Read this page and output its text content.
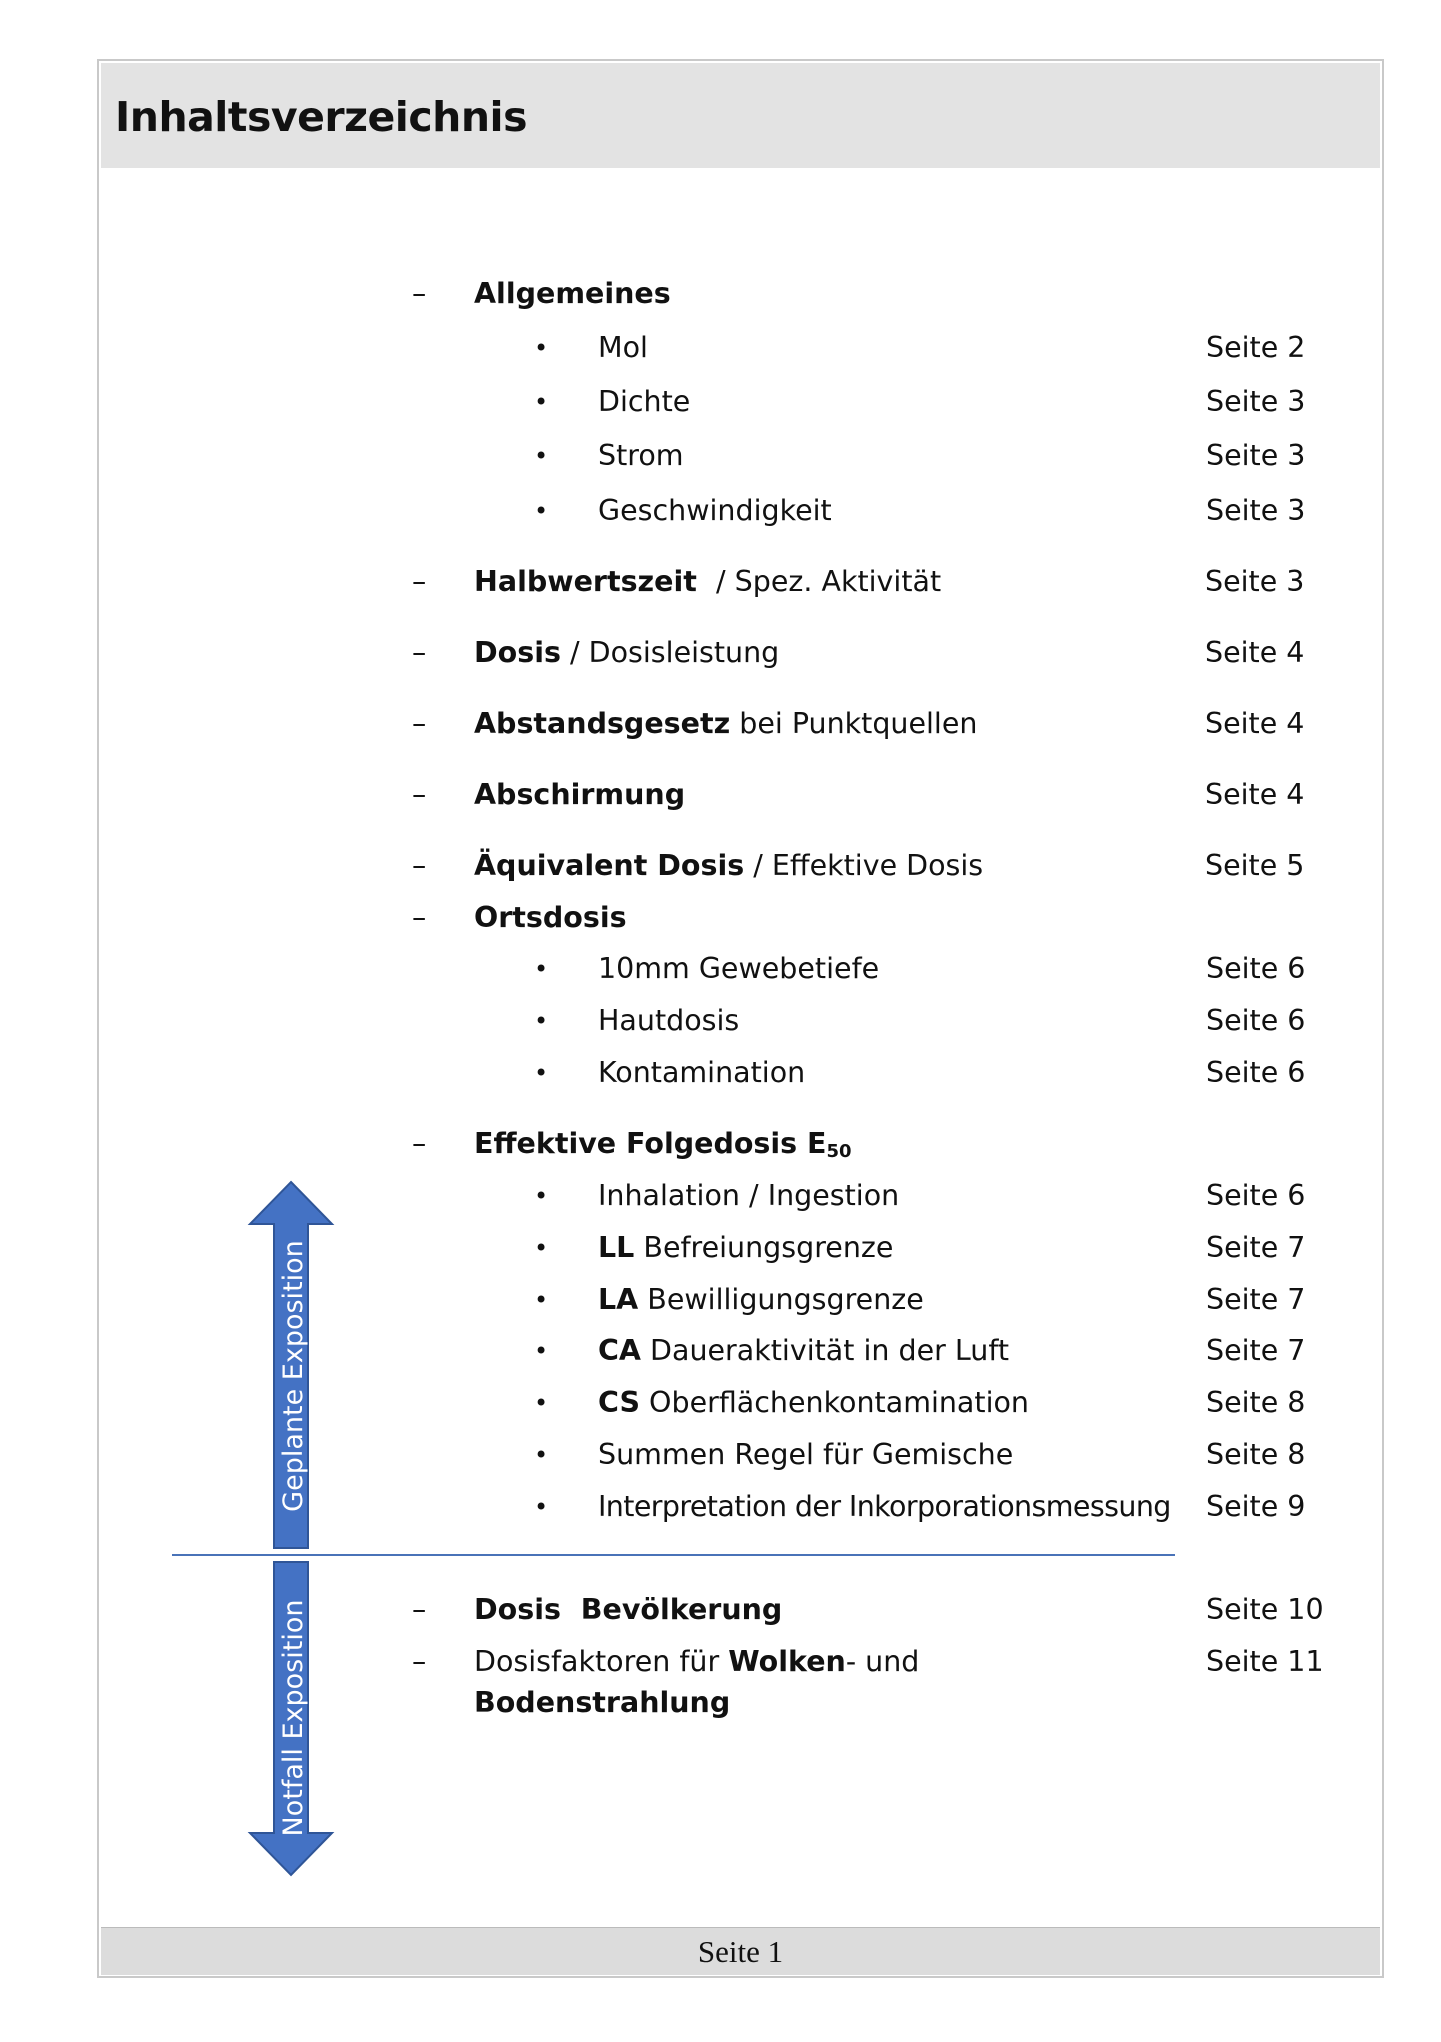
Inhaltsverzeichnis
– Allgemeines
• Mol	Seite 2
• Dichte	Seite 3
• Strom	Seite 3
• Geschwindigkeit	Seite 3
– Halbwertszeit / Spez. Aktivität	Seite 3
– Dosis / Dosisleistung	Seite 4
– Abstandsgesetz bei Punktquellen	Seite 4
– Abschirmung	Seite 4
– Äquivalent Dosis / Effektive Dosis	Seite 5
– Ortsdosis
• 10mm Gewebetiefe	Seite 6
• Hautdosis	Seite 6
• Kontamination	Seite 6
– Effektive Folgedosis $E_{50}$
• Inhalation / Ingestion	Seite 6
• LL Befreiungsgrenze	Seite 7
• LA Bewilligungsgrenze	Seite 7
• CA Daueraktivität in der Luft	Seite 7
• CS Oberflächenkontamination	Seite 8
• Summen Regel für Gemische	Seite 8
• Interpretation der Inkorporationsmessung Seite 9
– Dosis  Bevölkerung	Seite 10
– Dosisfaktoren für Wolken- und
Bodenstrahlung
Seite 11
Geplante Exposition
Notfall Exposition
Seite 1
